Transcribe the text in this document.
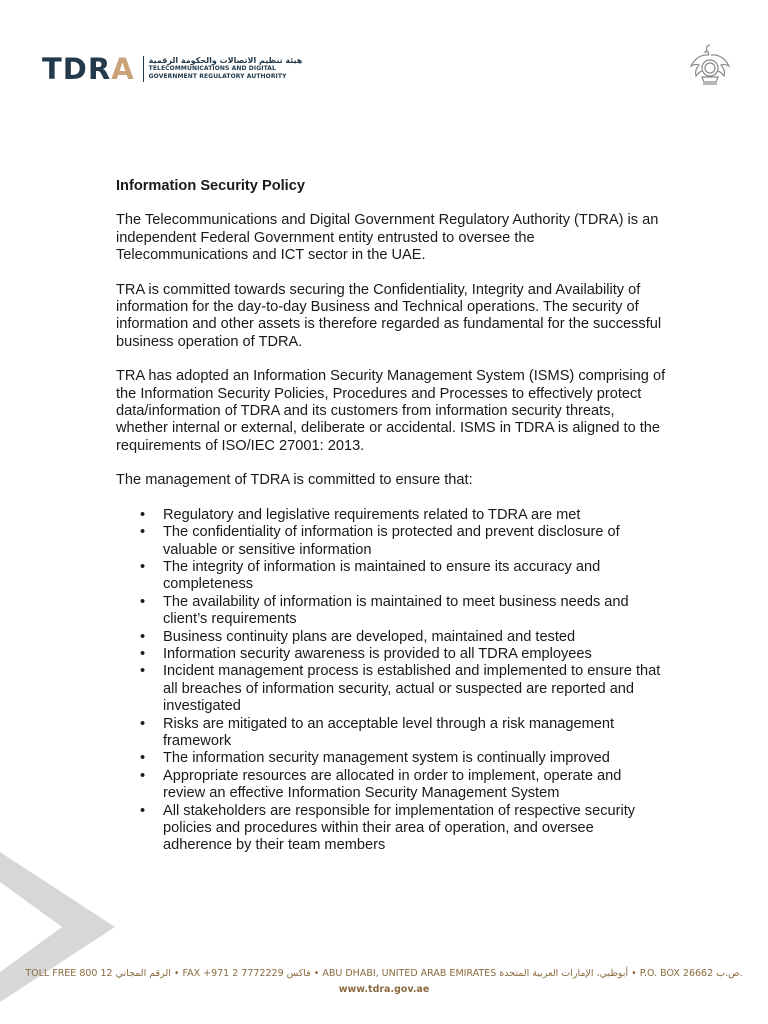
TDRA هيئة تنظيم الاتصالات والحكومة الرقمية
TELECOMMUNICATIONS AND DIGITAL
GOVERNMENT REGULATORY AUTHORITY

Information Security Policy

The Telecommunications and Digital Government Regulatory Authority (TDRA) is an independent Federal Government entity entrusted to oversee the Telecommunications and ICT sector in the UAE.

TRA is committed towards securing the Confidentiality, Integrity and Availability of information for the day-to-day Business and Technical operations. The security of information and other assets is therefore regarded as fundamental for the successful business operation of TDRA.

TRA has adopted an Information Security Management System (ISMS) comprising of the Information Security Policies, Procedures and Processes to effectively protect data/information of TDRA and its customers from information security threats, whether internal or external, deliberate or accidental. ISMS in TDRA is aligned to the requirements of ISO/IEC 27001: 2013.

The management of TDRA is committed to ensure that:

• Regulatory and legislative requirements related to TDRA are met
• The confidentiality of information is protected and prevent disclosure of valuable or sensitive information
• The integrity of information is maintained to ensure its accuracy and completeness
• The availability of information is maintained to meet business needs and client’s requirements
• Business continuity plans are developed, maintained and tested
• Information security awareness is provided to all TDRA employees
• Incident management process is established and implemented to ensure that all breaches of information security, actual or suspected are reported and investigated
• Risks are mitigated to an acceptable level through a risk management framework
• The information security management system is continually improved
• Appropriate resources are allocated in order to implement, operate and review an effective Information Security Management System
• All stakeholders are responsible for implementation of respective security policies and procedures within their area of operation, and oversee adherence by their team members
TOLL FREE 800 12 الرقم المجاني • FAX +971 2 7772229 فاكس • ABU DHABI, UNITED ARAB EMIRATES أبوظبي، الإمارات العربية المتحدة • P.O. BOX 26662 ص.ب.
www.tdra.gov.ae
